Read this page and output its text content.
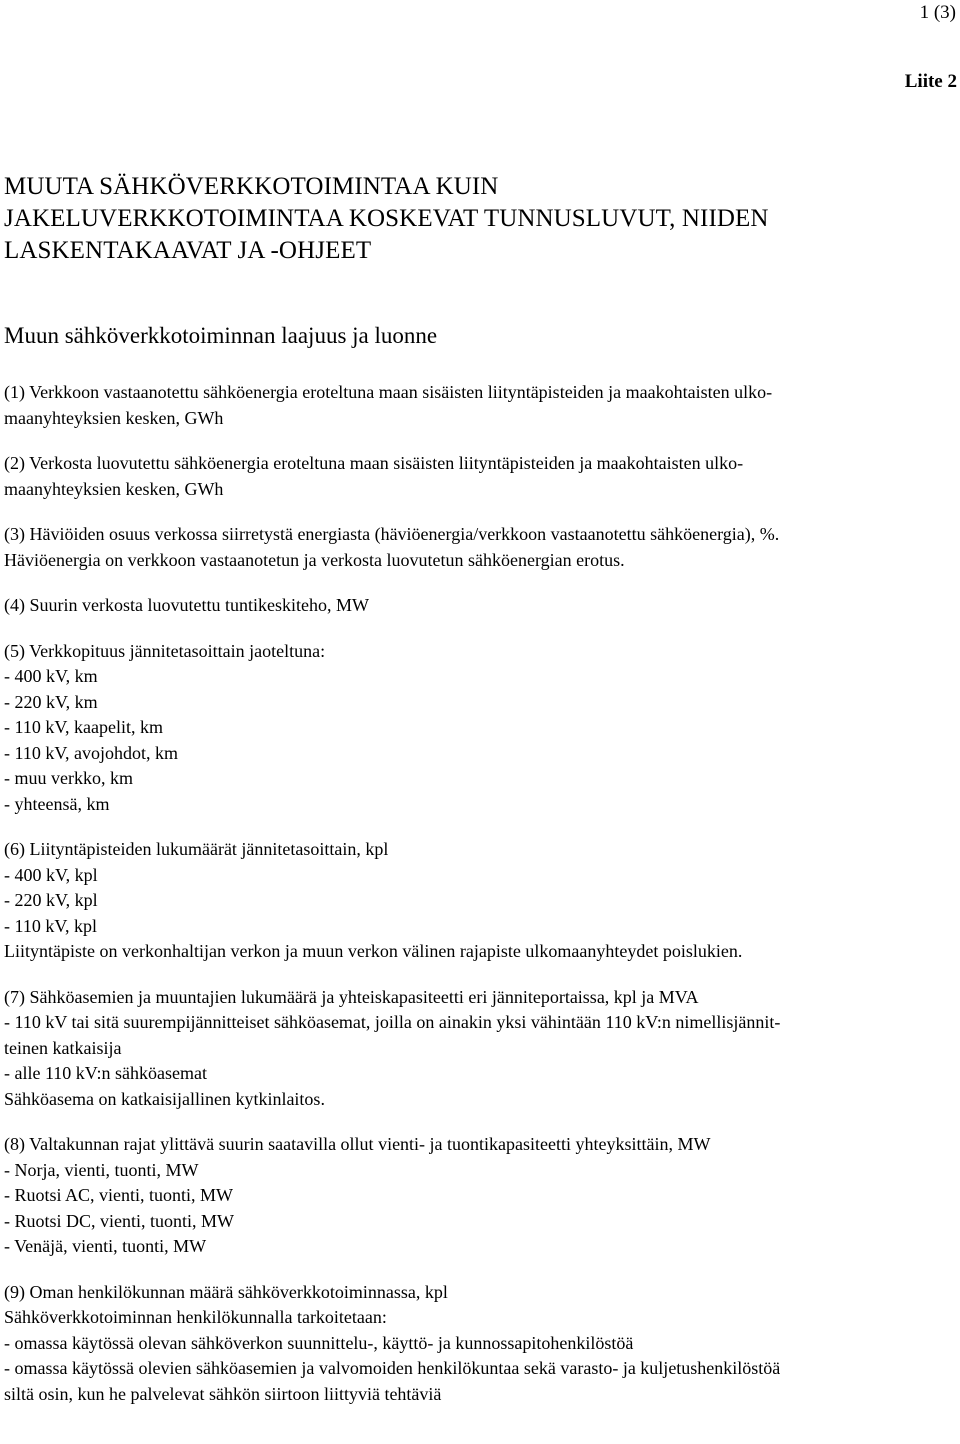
1 (3)
Liite 2
MUUTA SÄHKÖVERKKOTOIMINTAA KUIN
JAKELUVERKKOTOIMINTAA KOSKEVAT TUNNUSLUVUT, NIIDEN
LASKENTAKAAVAT JA -OHJEET
Muun sähköverkkotoiminnan laajuus ja luonne
(1) Verkkoon vastaanotettu sähköenergia eroteltuna maan sisäisten liityntäpisteiden ja maakohtaisten ulko-
maanyhteyksien kesken, GWh
(2) Verkosta luovutettu sähköenergia eroteltuna maan sisäisten liityntäpisteiden ja maakohtaisten ulko-
maanyhteyksien kesken, GWh
(3) Häviöiden osuus verkossa siirretystä energiasta (häviöenergia/verkkoon vastaanotettu sähköenergia), %.
Häviöenergia on verkkoon vastaanotetun ja verkosta luovutetun sähköenergian erotus.
(4) Suurin verkosta luovutettu tuntikeskiteho, MW
(5) Verkkopituus jännitetasoittain jaoteltuna:
- 400 kV, km
- 220 kV, km
- 110 kV, kaapelit, km
- 110 kV, avojohdot, km
- muu verkko, km
- yhteensä, km
(6) Liityntäpisteiden lukumäärät jännitetasoittain, kpl
- 400 kV, kpl
- 220 kV, kpl
- 110 kV, kpl
Liityntäpiste on verkonhaltijan verkon ja muun verkon välinen rajapiste ulkomaanyhteydet poislukien.
(7) Sähköasemien ja muuntajien lukumäärä ja yhteiskapasiteetti eri jänniteportaissa, kpl ja MVA
- 110 kV tai sitä suurempijännitteiset sähköasemat, joilla on ainakin yksi vähintään 110 kV:n nimellisjännit-
teinen katkaisija
- alle 110 kV:n sähköasemat
Sähköasema on katkaisijallinen kytkinlaitos.
(8) Valtakunnan rajat ylittävä suurin saatavilla ollut vienti- ja tuontikapasiteetti yhteyksittäin, MW
- Norja, vienti, tuonti, MW
- Ruotsi AC, vienti, tuonti, MW
- Ruotsi DC, vienti, tuonti, MW
- Venäjä, vienti, tuonti, MW
(9) Oman henkilökunnan määrä sähköverkkotoiminnassa, kpl
Sähköverkkotoiminnan henkilökunnalla tarkoitetaan:
- omassa käytössä olevan sähköverkon suunnittelu-, käyttö- ja kunnossapitohenkilöstöä
- omassa käytössä olevien sähköasemien ja valvomoiden henkilökuntaa sekä varasto- ja kuljetushenkilöstöä
siltä osin, kun he palvelevat sähkön siirtoon liittyviä tehtäviä
